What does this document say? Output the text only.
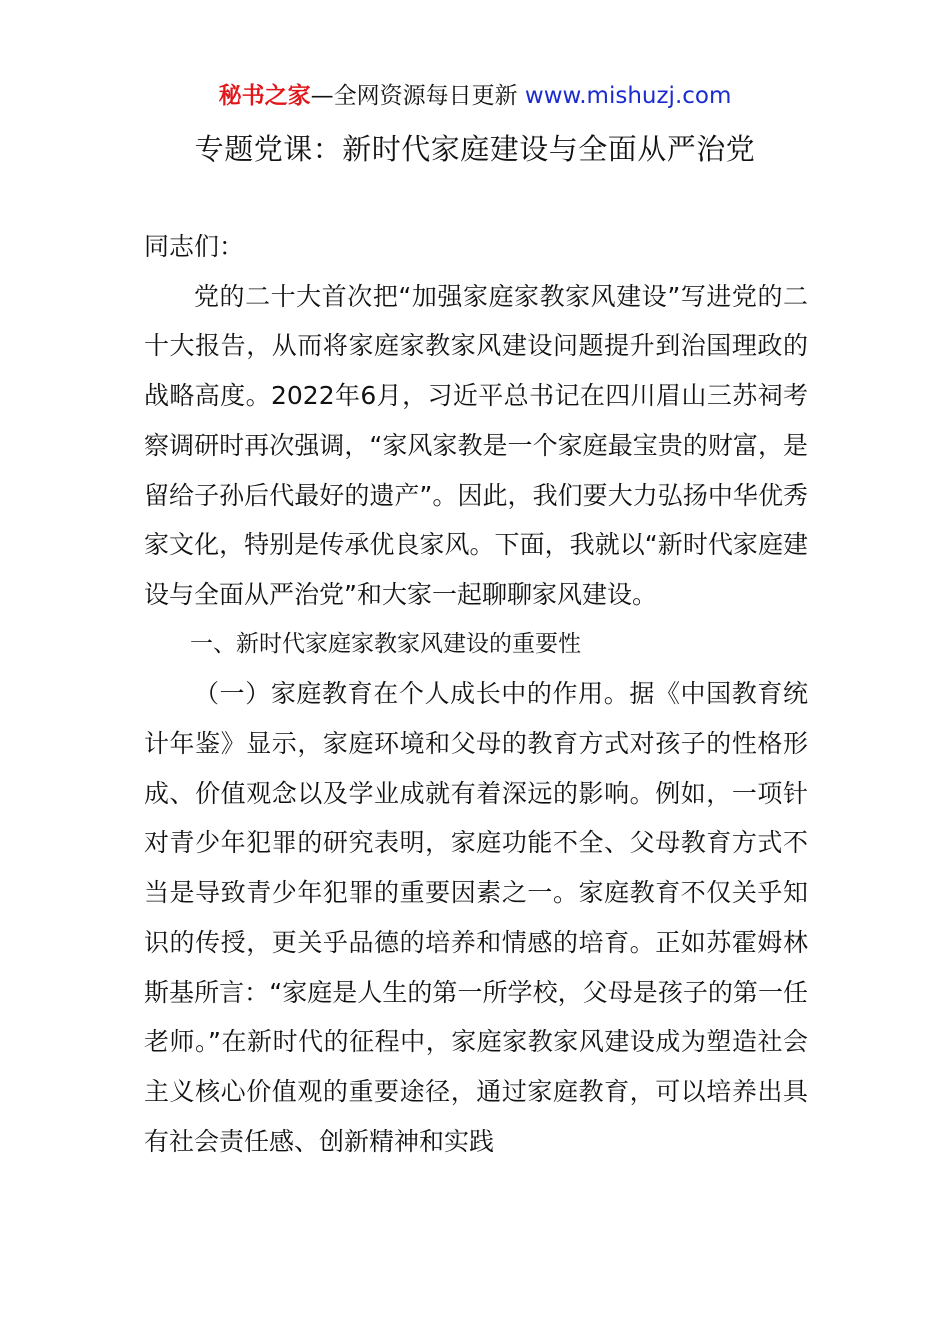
秘书之家—全网资源每日更新 www.mishuzj.com
专题党课：新时代家庭建设与全面从严治党

同志们：

党的二十大首次把“加强家庭家教家风建设”写进党的二十大报告，从而将家庭家教家风建设问题提升到治国理政的战略高度。2022年6月，习近平总书记在四川眉山三苏祠考察调研时再次强调，“家风家教是一个家庭最宝贵的财富，是留给子孙后代最好的遗产”。因此，我们要大力弘扬中华优秀家文化，特别是传承优良家风。下面，我就以“新时代家庭建设与全面从严治党”和大家一起聊聊家风建设。

一、新时代家庭家教家风建设的重要性

（一）家庭教育在个人成长中的作用。据《中国教育统计年鉴》显示，家庭环境和父母的教育方式对孩子的性格形成、价值观念以及学业成就有着深远的影响。例如，一项针对青少年犯罪的研究表明，家庭功能不全、父母教育方式不当是导致青少年犯罪的重要因素之一。家庭教育不仅关乎知识的传授，更关乎品德的培养和情感的培育。正如苏霍姆林斯基所言：“家庭是人生的第一所学校，父母是孩子的第一任老师。”在新时代的征程中，家庭家教家风建设成为塑造社会主义核心价值观的重要途径，通过家庭教育，可以培养出具有社会责任感、创新精神和实践
